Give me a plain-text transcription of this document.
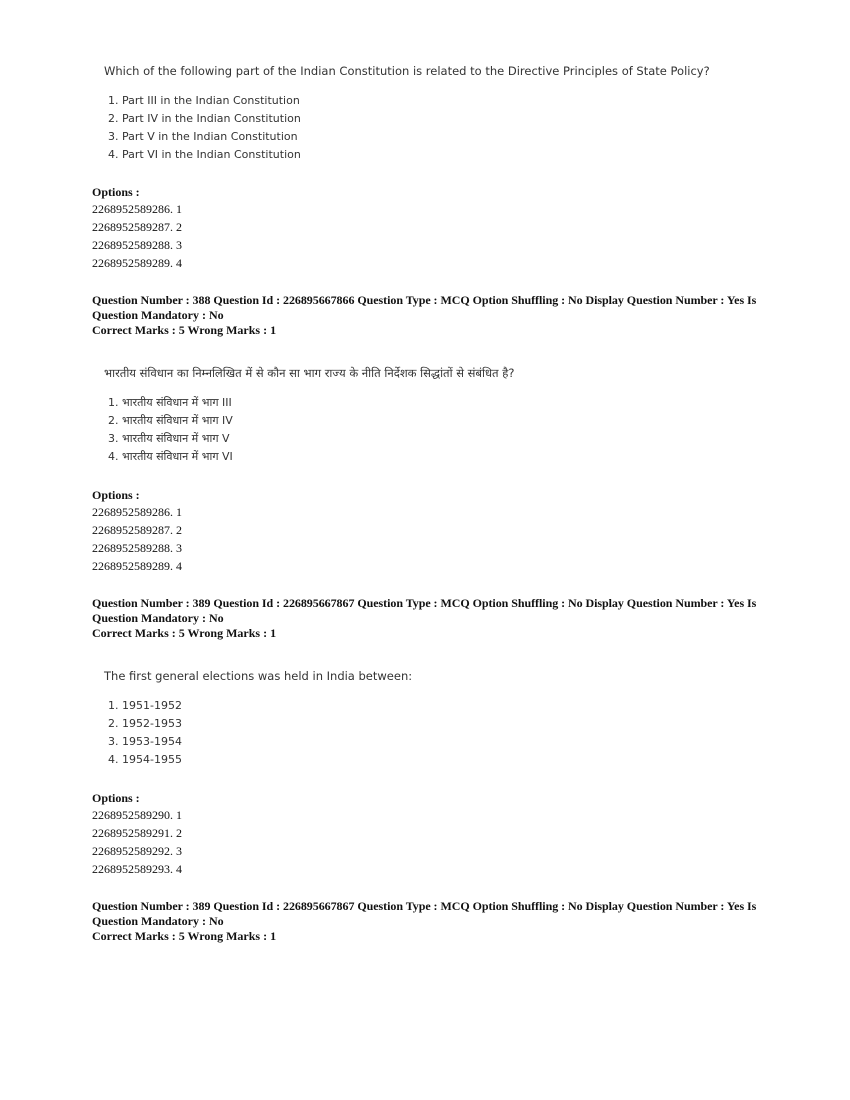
Which of the following part of the Indian Constitution is related to the Directive Principles of State Policy?
1. Part III in the Indian Constitution
2. Part IV in the Indian Constitution
3. Part V in the Indian Constitution
4. Part VI in the Indian Constitution
Options :
2268952589286. 1
2268952589287. 2
2268952589288. 3
2268952589289. 4
Question Number : 388 Question Id : 226895667866 Question Type : MCQ Option Shuffling : No Display Question Number : Yes Is
Question Mandatory : No
Correct Marks : 5 Wrong Marks : 1
भारतीय संविधान का निम्नलिखित में से कौन सा भाग राज्य के नीति निर्देशक सिद्धांतों से संबंधित है?
1. भारतीय संविधान में भाग III
2. भारतीय संविधान में भाग IV
3. भारतीय संविधान में भाग V
4. भारतीय संविधान में भाग VI
Options :
2268952589286. 1
2268952589287. 2
2268952589288. 3
2268952589289. 4
Question Number : 389 Question Id : 226895667867 Question Type : MCQ Option Shuffling : No Display Question Number : Yes Is
Question Mandatory : No
Correct Marks : 5 Wrong Marks : 1
The first general elections was held in India between:
1. 1951-1952
2. 1952-1953
3. 1953-1954
4. 1954-1955
Options :
2268952589290. 1
2268952589291. 2
2268952589292. 3
2268952589293. 4
Question Number : 389 Question Id : 226895667867 Question Type : MCQ Option Shuffling : No Display Question Number : Yes Is
Question Mandatory : No
Correct Marks : 5 Wrong Marks : 1
